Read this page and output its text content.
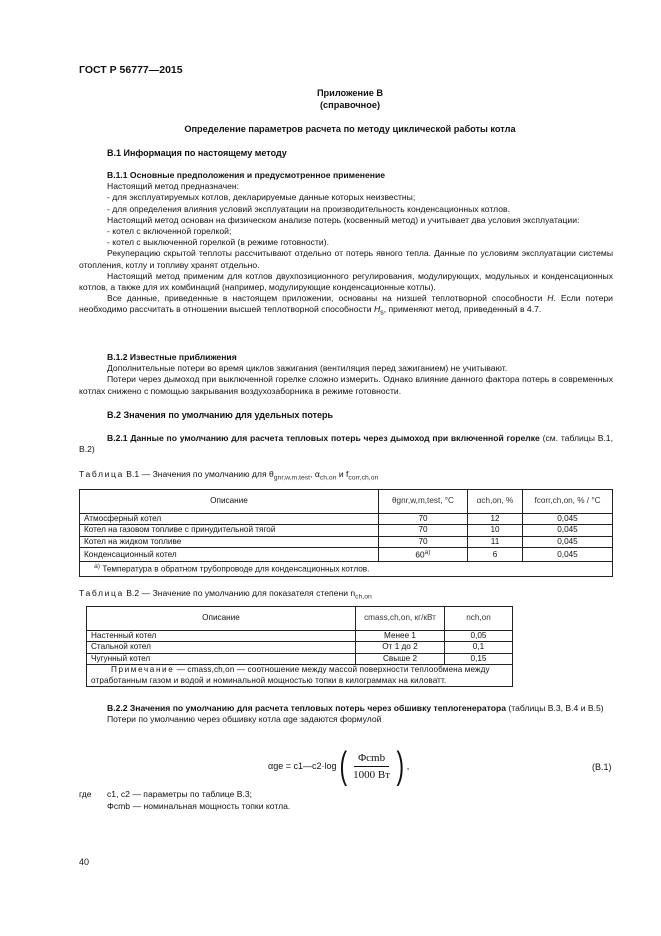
ГОСТ Р 56777—2015
Приложение В
(справочное)
Определение параметров расчета по методу циклической работы котла
В.1 Информация по настоящему методу
В.1.1 Основные предположения и предусмотренное применение
Настоящий метод предназначен:
- для эксплуатируемых котлов, декларируемые данные которых неизвестны;
- для определения влияния условий эксплуатации на производительность конденсационных котлов.
Настоящий метод основан на физическом анализе потерь (косвенный метод) и учитывает два условия эксплуатации:
- котел с включенной горелкой;
- котел с выключенной горелкой (в режиме готовности).
Рекуперацию скрытой теплоты рассчитывают отдельно от потерь явного тепла. Данные по условиям эксплуатации системы отопления, котлу и топливу хранят отдельно.
Настоящий метод применим для котлов двухпозиционного регулирования, модулирующих, модульных и конденсационных котлов, а также для их комбинаций (например, модулирующие конденсационные котлы).
Все данные, приведенные в настоящем приложении, основаны на низшей теплотворной способности H. Если потери необходимо рассчитать в отношении высшей теплотворной способности $H_s$, применяют метод, приведенный в 4.7.
В.1.2 Известные приближения
Дополнительные потери во время циклов зажигания (вентиляция перед зажиганием) не учитывают.
Потери через дымоход при выключенной горелке сложно измерить. Однако влияние данного фактора потерь в современных котлах снижено с помощью закрывания воздухозаборника в режиме готовности.
В.2 Значения по умолчанию для удельных потерь
В.2.1 Данные по умолчанию для расчета тепловых потерь через дымоход при включенной горелке (см. таблицы В.1, В.2)
Таблица В.1 — Значения по умолчанию для $\theta_{gnr,w,m,test}$, $\alpha_{ch,on}$ и $f_{corr,ch,on}$
Описание	θgnr,w,m,test, °C	αch,on, %	fcorr,ch,on, % / °C
Атмосферный котел	70	12	0,045
Котел на газовом топливе с принудительной тягой	70	10	0,045
Котел на жидком топливе	70	11	0,045
Конденсационный котел	$60^{а)}$	6	0,045
$^{а)}$ Температура в обратном трубопроводе для конденсационных котлов.			
Таблица В.2 — Значение по умолчанию для показателя степени $n_{ch,on}$
Описание	cmass,ch,on, кг/кВт	nch,on
Настенный котел	Менее 1	0,05
Стальной котел	От 1 до 2	0,1
Чугунный котел	Свыше 2	0,15
Примечание — cmass,ch,on — соотношение между массой поверхности теплообмена между отработанным газом и водой и номинальной мощностью топки в килограммах на киловатт.		
В.2.2 Значения по умолчанию для расчета тепловых потерь через обшивку теплогенератора (таблицы В.3, В.4 и В.5)
Потери по умолчанию через обшивку котла αge задаются формулой
αge = c1—c2·log ( $\frac{\text{Φcmb}}{1000 Вт}$ ) ,	(В.1)
где c1, c2 — параметры по таблице В.3;
Φcmb — номинальная мощность топки котла.
40
